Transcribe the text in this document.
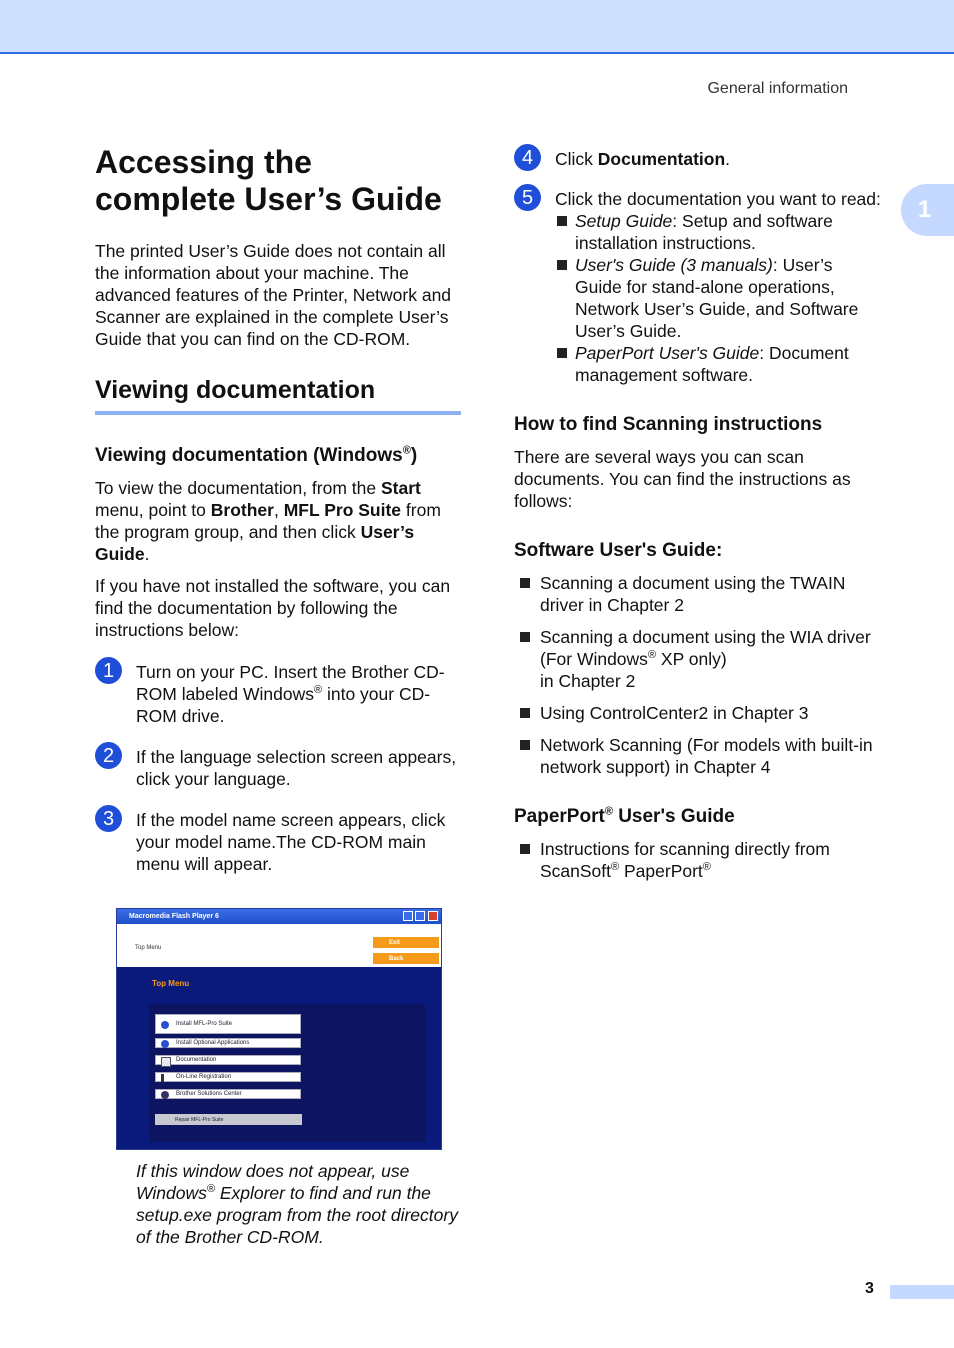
General information
1
Accessing the
complete User’s Guide

The printed User’s Guide does not contain all the information about your machine. The advanced features of the Printer, Network and Scanner are explained in the complete User’s Guide that you can find on the CD-ROM.

Viewing documentation
Viewing documentation (Windows®)

To view the documentation, from the Start menu, point to Brother, MFL Pro Suite from the program group, and then click User’s Guide.

If you have not installed the software, you can find the documentation by following the instructions below:

1	Turn on your PC. Insert the Brother CD-ROM labeled Windows® into your CD-ROM drive.
2	If the language selection screen appears, click your language.
3	If the model name screen appears, click your model name.The CD-ROM main menu will appear.
Macromedia Flash Player 6
Top Menu
Exit
Back
Top Menu
Install MFL-Pro Suite
Install Optional Applications
Documentation
On-Line Registration
Brother Solutions Center
Repair MFL-Pro Suite

If this window does not appear, use Windows® Explorer to find and run the setup.exe program from the root directory of the Brother CD-ROM.

4	Click Documentation.
5	Click the documentation you want to read:
Setup Guide: Setup and software installation instructions.
User's Guide (3 manuals): User’s Guide for stand-alone operations, Network User’s Guide, and Software User’s Guide.
PaperPort User's Guide: Document management software.
How to find Scanning instructions

There are several ways you can scan documents. You can find the instructions as follows:

Software User's Guide:
Scanning a document using the TWAIN driver in Chapter 2
Scanning a document using the WIA driver (For Windows® XP only)
in Chapter 2
Using ControlCenter2 in Chapter 3
Network Scanning (For models with built-in network support) in Chapter 4
PaperPort® User's Guide
Instructions for scanning directly from ScanSoft® PaperPort®
3
